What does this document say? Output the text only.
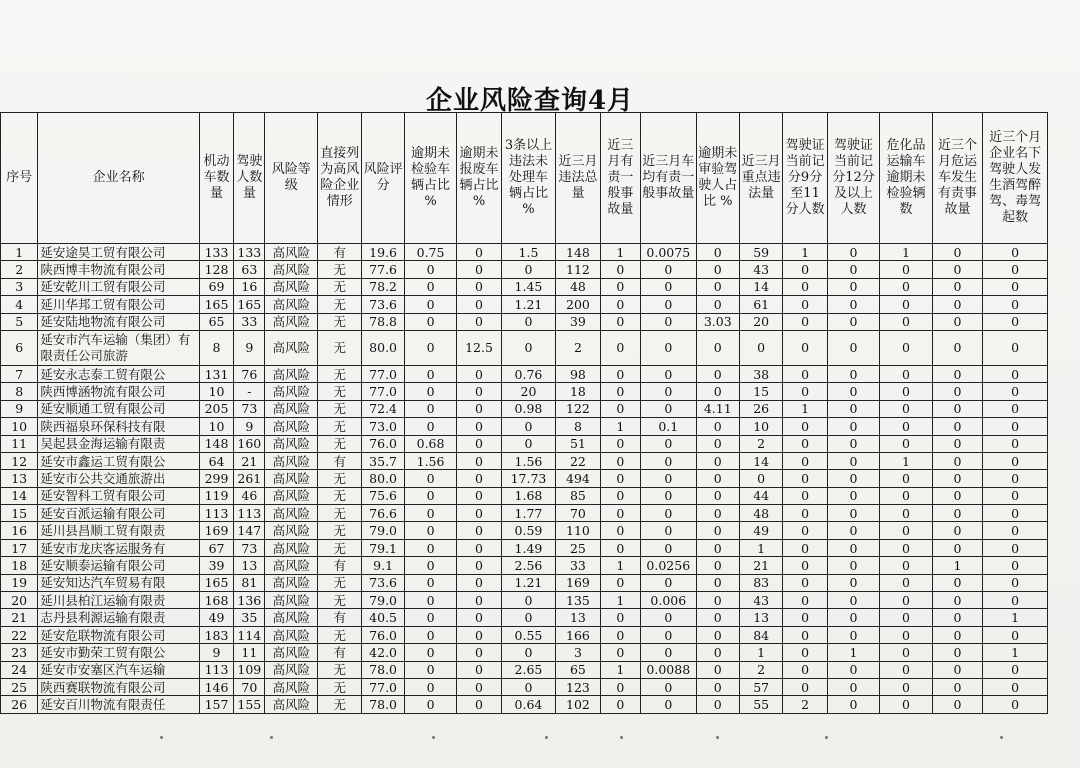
企业风险查询4月
序号	企业名称	机动车数量	驾驶人数量	风险等级	直接列为高风险企业情形	风险评分	逾期未检验车辆占比 %	逾期未报废车辆占比 %	3条以上违法未处理车辆占比 %	近三月违法总量	近三月有责一般事故量	近三月车均有责一般事故量	逾期未审验驾驶人占比 %	近三月重点违法量	驾驶证当前记分9分至11分人数	驾驶证当前记分12分及以上人数	危化品运输车逾期未检验辆数	近三个月危运车发生有责事故量	近三个月企业名下驾驶人发生酒驾醉驾、毒驾起数
1	延安途昊工贸有限公司	133	133	高风险	有	19.6	0.75	0	1.5	148	1	0.0075	0	59	1	0	1	0	0
2	陕西博丰物流有限公司	128	63	高风险	无	77.6	0	0	0	112	0	0	0	43	0	0	0	0	0
3	延安乾川工贸有限公司	69	16	高风险	无	78.2	0	0	1.45	48	0	0	0	14	0	0	0	0	0
4	延川华邦工贸有限公司	165	165	高风险	无	73.6	0	0	1.21	200	0	0	0	61	0	0	0	0	0
5	延安陆地物流有限公司	65	33	高风险	无	78.8	0	0	0	39	0	0	3.03	20	0	0	0	0	0
6	延安市汽车运输（集团）有限责任公司旅游	8	9	高风险	无	80.0	0	12.5	0	2	0	0	0	0	0	0	0	0	0
7	延安永志泰工贸有限公	131	76	高风险	无	77.0	0	0	0.76	98	0	0	0	38	0	0	0	0	0
8	陕西博涵物流有限公司	10	-	高风险	无	77.0	0	0	20	18	0	0	0	15	0	0	0	0	0
9	延安顺通工贸有限公司	205	73	高风险	无	72.4	0	0	0.98	122	0	0	4.11	26	1	0	0	0	0
10	陕西福泉环保科技有限	10	9	高风险	无	73.0	0	0	0	8	1	0.1	0	10	0	0	0	0	0
11	吴起县金海运输有限责	148	160	高风险	无	76.0	0.68	0	0	51	0	0	0	2	0	0	0	0	0
12	延安市鑫运工贸有限公	64	21	高风险	有	35.7	1.56	0	1.56	22	0	0	0	14	0	0	1	0	0
13	延安市公共交通旅游出	299	261	高风险	无	80.0	0	0	17.73	494	0	0	0	0	0	0	0	0	0
14	延安智科工贸有限公司	119	46	高风险	无	75.6	0	0	1.68	85	0	0	0	44	0	0	0	0	0
15	延安百派运输有限公司	113	113	高风险	无	76.6	0	0	1.77	70	0	0	0	48	0	0	0	0	0
16	延川县昌顺工贸有限责	169	147	高风险	无	79.0	0	0	0.59	110	0	0	0	49	0	0	0	0	0
17	延安市龙庆客运服务有	67	73	高风险	无	79.1	0	0	1.49	25	0	0	0	1	0	0	0	0	0
18	延安顺泰运输有限公司	39	13	高风险	有	9.1	0	0	2.56	33	1	0.0256	0	21	0	0	0	1	0
19	延安知达汽车贸易有限	165	81	高风险	无	73.6	0	0	1.21	169	0	0	0	83	0	0	0	0	0
20	延川县柏江运输有限责	168	136	高风险	无	79.0	0	0	0	135	1	0.006	0	43	0	0	0	0	0
21	志丹县利源运输有限责	49	35	高风险	有	40.5	0	0	0	13	0	0	0	13	0	0	0	0	1
22	延安危联物流有限公司	183	114	高风险	无	76.0	0	0	0.55	166	0	0	0	84	0	0	0	0	0
23	延安市勤荣工贸有限公	9	11	高风险	有	42.0	0	0	0	3	0	0	0	1	0	1	0	0	1
24	延安市安塞区汽车运输	113	109	高风险	无	78.0	0	0	2.65	65	1	0.0088	0	2	0	0	0	0	0
25	陕西赛联物流有限公司	146	70	高风险	无	77.0	0	0	0	123	0	0	0	57	0	0	0	0	0
26	延安百川物流有限责任	157	155	高风险	无	78.0	0	0	0.64	102	0	0	0	55	2	0	0	0	0
